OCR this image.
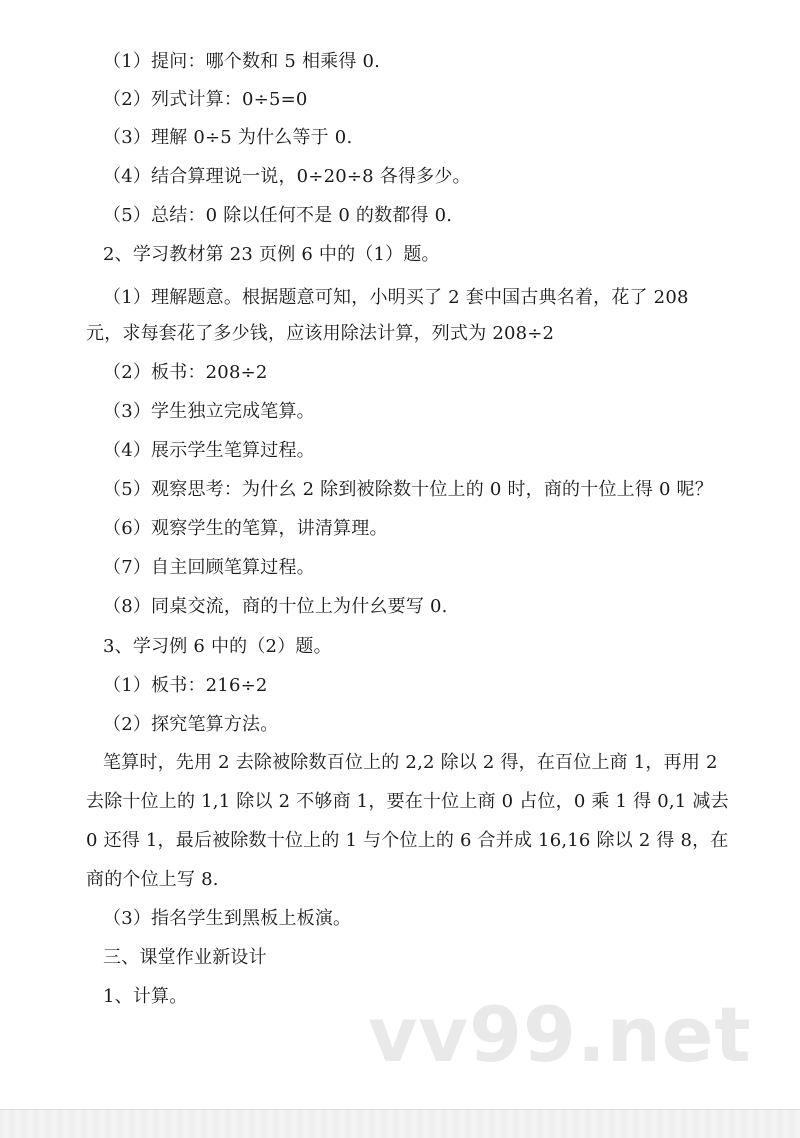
（1）提问：哪个数和 5 相乘得 0.
（2）列式计算：0÷5=0
（3）理解 0÷5 为什么等于 0.
（4）结合算理说一说，0÷20÷8 各得多少。
（5）总结：0 除以任何不是 0 的数都得 0.
2、学习教材第 23 页例 6 中的（1）题。
（1）理解题意。根据题意可知，小明买了 2 套中国古典名着，花了 208
元，求每套花了多少钱，应该用除法计算，列式为 208÷2
（2）板书：208÷2
（3）学生独立完成笔算。
（4）展示学生笔算过程。
（5）观察思考：为什幺 2 除到被除数十位上的 0 时，商的十位上得 0 呢？
（6）观察学生的笔算，讲清算理。
（7）自主回顾笔算过程。
（8）同桌交流，商的十位上为什幺要写 0.
3、学习例 6 中的（2）题。
（1）板书：216÷2
（2）探究笔算方法。
笔算时，先用 2 去除被除数百位上的 2,2 除以 2 得，在百位上商 1，再用 2
去除十位上的 1,1 除以 2 不够商 1，要在十位上商 0 占位，0 乘 1 得 0,1 减去
0 还得 1，最后被除数十位上的 1 与个位上的 6 合并成 16,16 除以 2 得 8，在
商的个位上写 8.
（3）指名学生到黑板上板演。
三、课堂作业新设计
1、计算。 vv99.net
